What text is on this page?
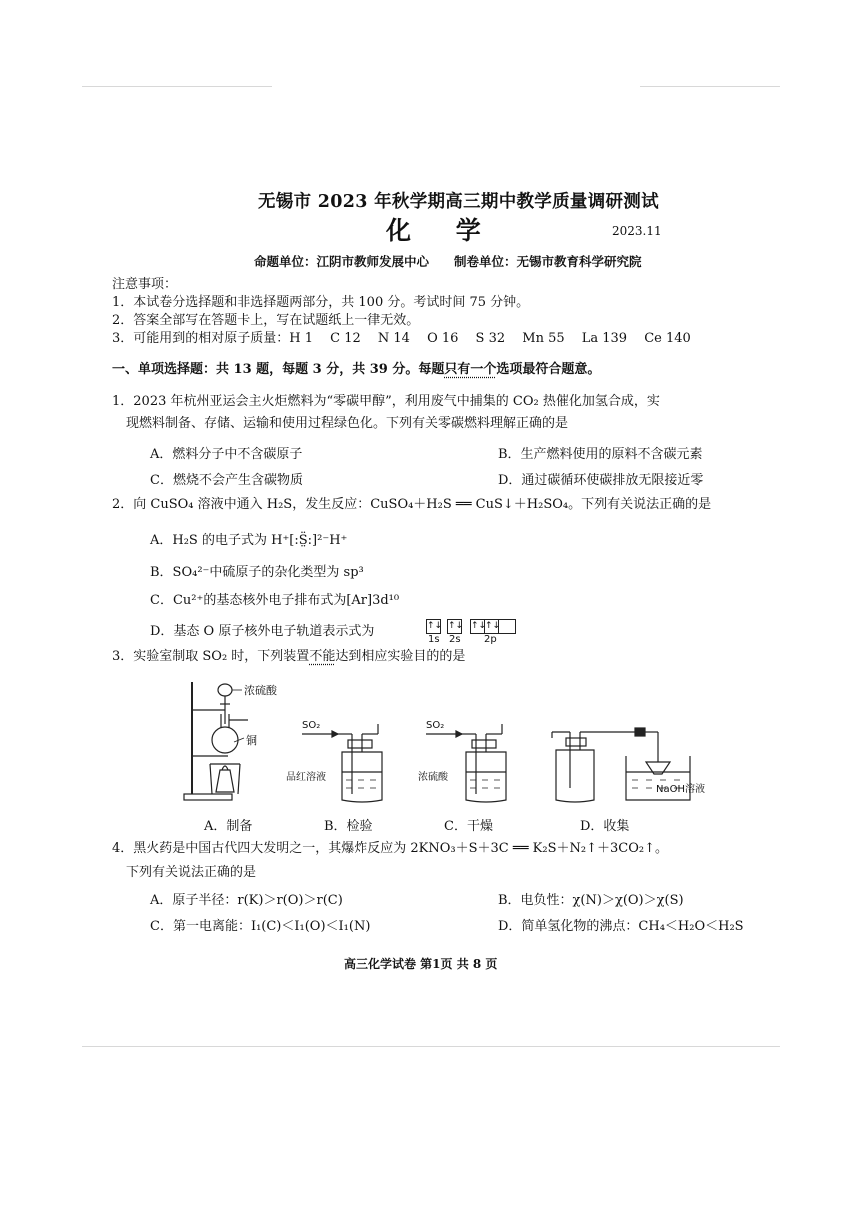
无锡市 2023 年秋学期高三期中教学质量调研测试
化 学	2023.11
命题单位：江阴市教师发展中心　　制卷单位：无锡市教育科学研究院
注意事项：
1．本试卷分选择题和非选择题两部分，共 100 分。考试时间 75 分钟。
2．答案全部写在答题卡上，写在试题纸上一律无效。
3．可能用到的相对原子质量：H 1　 C 12　 N 14　 O 16　 S 32　 Mn 55　 La 139　 Ce 140
一、单项选择题：共 13 题，每题 3 分，共 39 分。每题只有一个选项最符合题意。
1．2023 年杭州亚运会主火炬燃料为“零碳甲醇”，利用废气中捕集的 CO₂ 热催化加氢合成，实
现燃料制备、存储、运输和使用过程绿色化。下列有关零碳燃料理解正确的是
A．燃料分子中不含碳原子	B．生产燃料使用的原料不含碳元素
C．燃烧不会产生含碳物质	D．通过碳循环使碳排放无限接近零
2．向 CuSO₄ 溶液中通入 H₂S，发生反应：CuSO₄＋H₂S ══ CuS↓＋H₂SO₄。下列有关说法正确的是
A．H₂S 的电子式为 H⁺[:S̤̈:]²⁻H⁺
B．SO₄²⁻中硫原子的杂化类型为 sp³
C．Cu²⁺的基态核外电子排布式为[Ar]3d¹⁰
D．基态 O 原子核外电子轨道表示式为	↑↓ ↑↓ ↑↓
↑↓
1s 2s 2p
3．实验室制取 SO₂ 时，下列装置不能达到相应实验目的的是
浓硫酸
铜
SO₂
品红溶液
SO₂
浓硫酸
NaOH溶液
A．制备	B．检验	C．干燥	D．收集
4．黑火药是中国古代四大发明之一，其爆炸反应为 2KNO₃＋S＋3C ══ K₂S＋N₂↑＋3CO₂↑。
下列有关说法正确的是
A．原子半径：r(K)＞r(O)＞r(C)	B．电负性：χ(N)＞χ(O)＞χ(S)
C．第一电离能：I₁(C)＜I₁(O)＜I₁(N)	D．简单氢化物的沸点：CH₄＜H₂O＜H₂S
高三化学试卷 第1页 共 8 页
